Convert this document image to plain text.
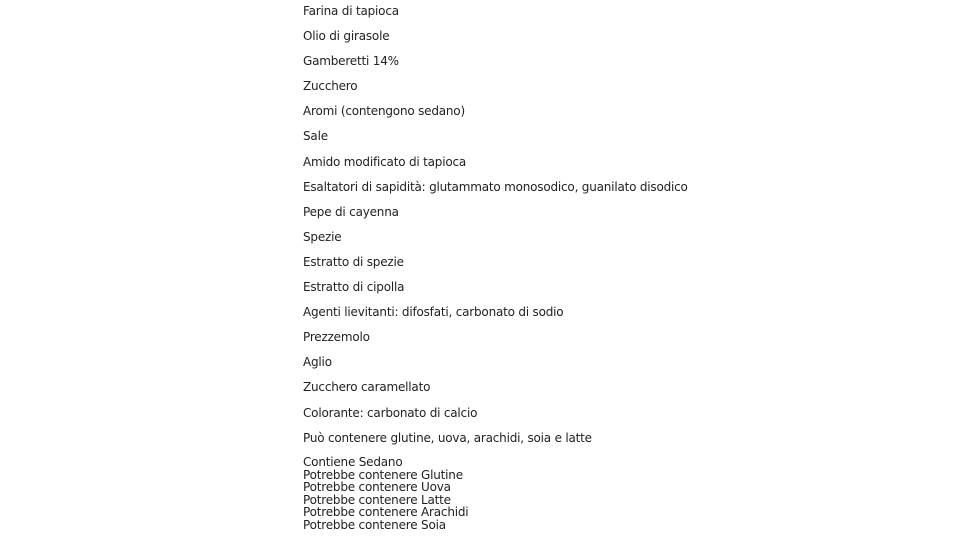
Farina di tapioca
Olio di girasole
Gamberetti 14%
Zucchero
Aromi (contengono sedano)
Sale
Amido modificato di tapioca
Esaltatori di sapidità: glutammato monosodico, guanilato disodico
Pepe di cayenna
Spezie
Estratto di spezie
Estratto di cipolla
Agenti lievitanti: difosfati, carbonato di sodio
Prezzemolo
Aglio
Zucchero caramellato
Colorante: carbonato di calcio
Può contenere glutine, uova, arachidi, soia e latte
Contiene Sedano
Potrebbe contenere Glutine
Potrebbe contenere Uova
Potrebbe contenere Latte
Potrebbe contenere Arachidi
Potrebbe contenere Soia
